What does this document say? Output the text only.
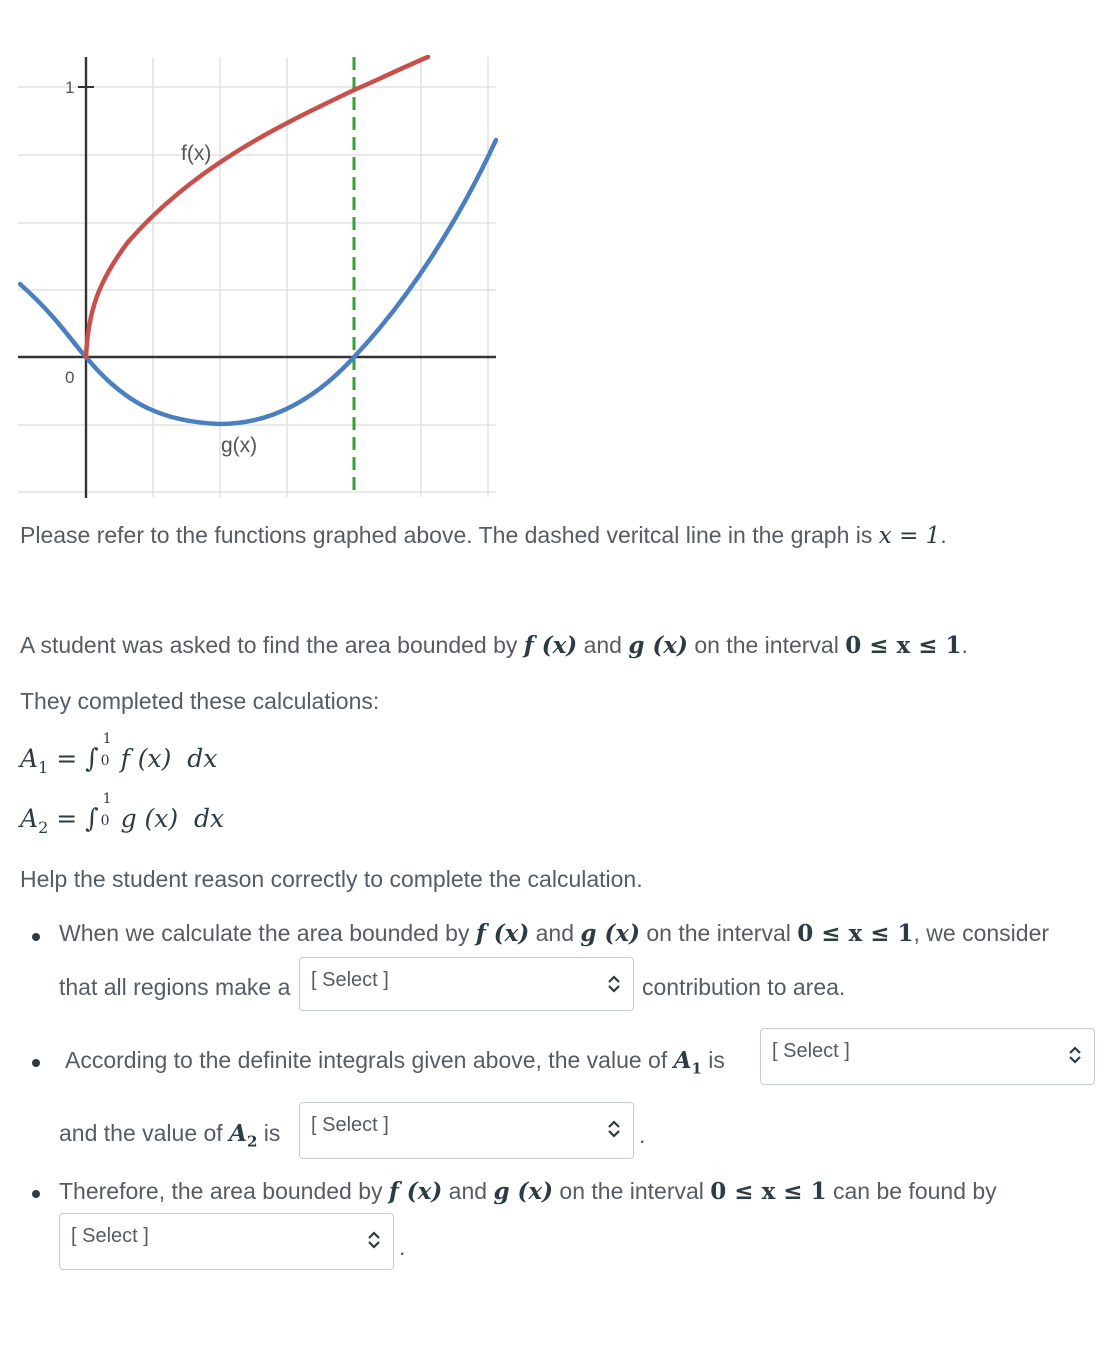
1
0
f(x)
g(x)

Please refer to the functions graphed above. The dashed veritcal line in the graph is x = 1.

A student was asked to find the area bounded by f (x) and g (x) on the interval 0 ≤ x ≤ 1.

They completed these calculations:

$A_1$ = ∫
1
0 f (x)  dx
$A_2$ = ∫
1
0 g (x)  dx

Help the student reason correctly to complete the calculation.

When we calculate the area bounded by f (x) and g (x) on the interval 0 ≤ x ≤ 1, we consider
that all regions make a	[ Select ]	contribution to area.
According to the definite integrals given above, the value of $A_1$ is	[ Select ]
and the value of $A_2$ is	[ Select ]	.
Therefore, the area bounded by f (x) and g (x) on the interval 0 ≤ x ≤ 1 can be found by
[ Select ]	.
